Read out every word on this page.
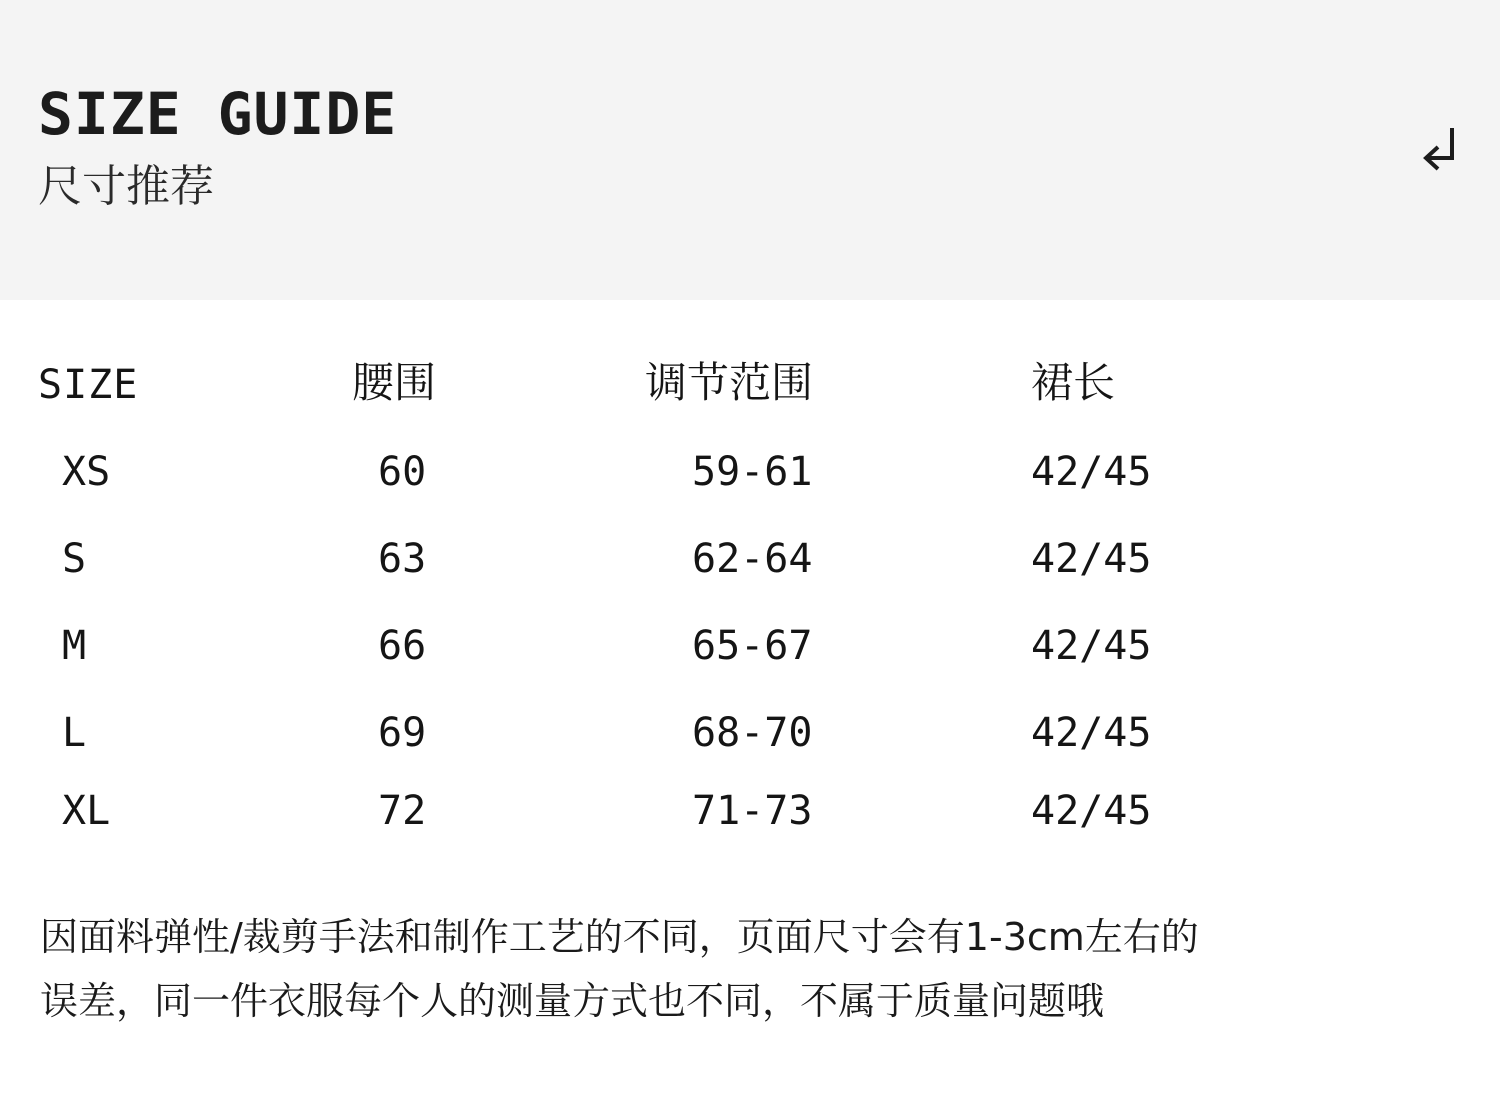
SIZE GUIDE
尺寸推荐
SIZE	腰围	调节范围	裙长
XS	60	59-61	42/45
S	63	62-64	42/45
M	66	65-67	42/45
L	69	68-70	42/45
XL	72	71-73	42/45
因面料弹性/裁剪手法和制作工艺的不同，页面尺寸会有1-3cm左右的
误差，同一件衣服每个人的测量方式也不同，不属于质量问题哦
